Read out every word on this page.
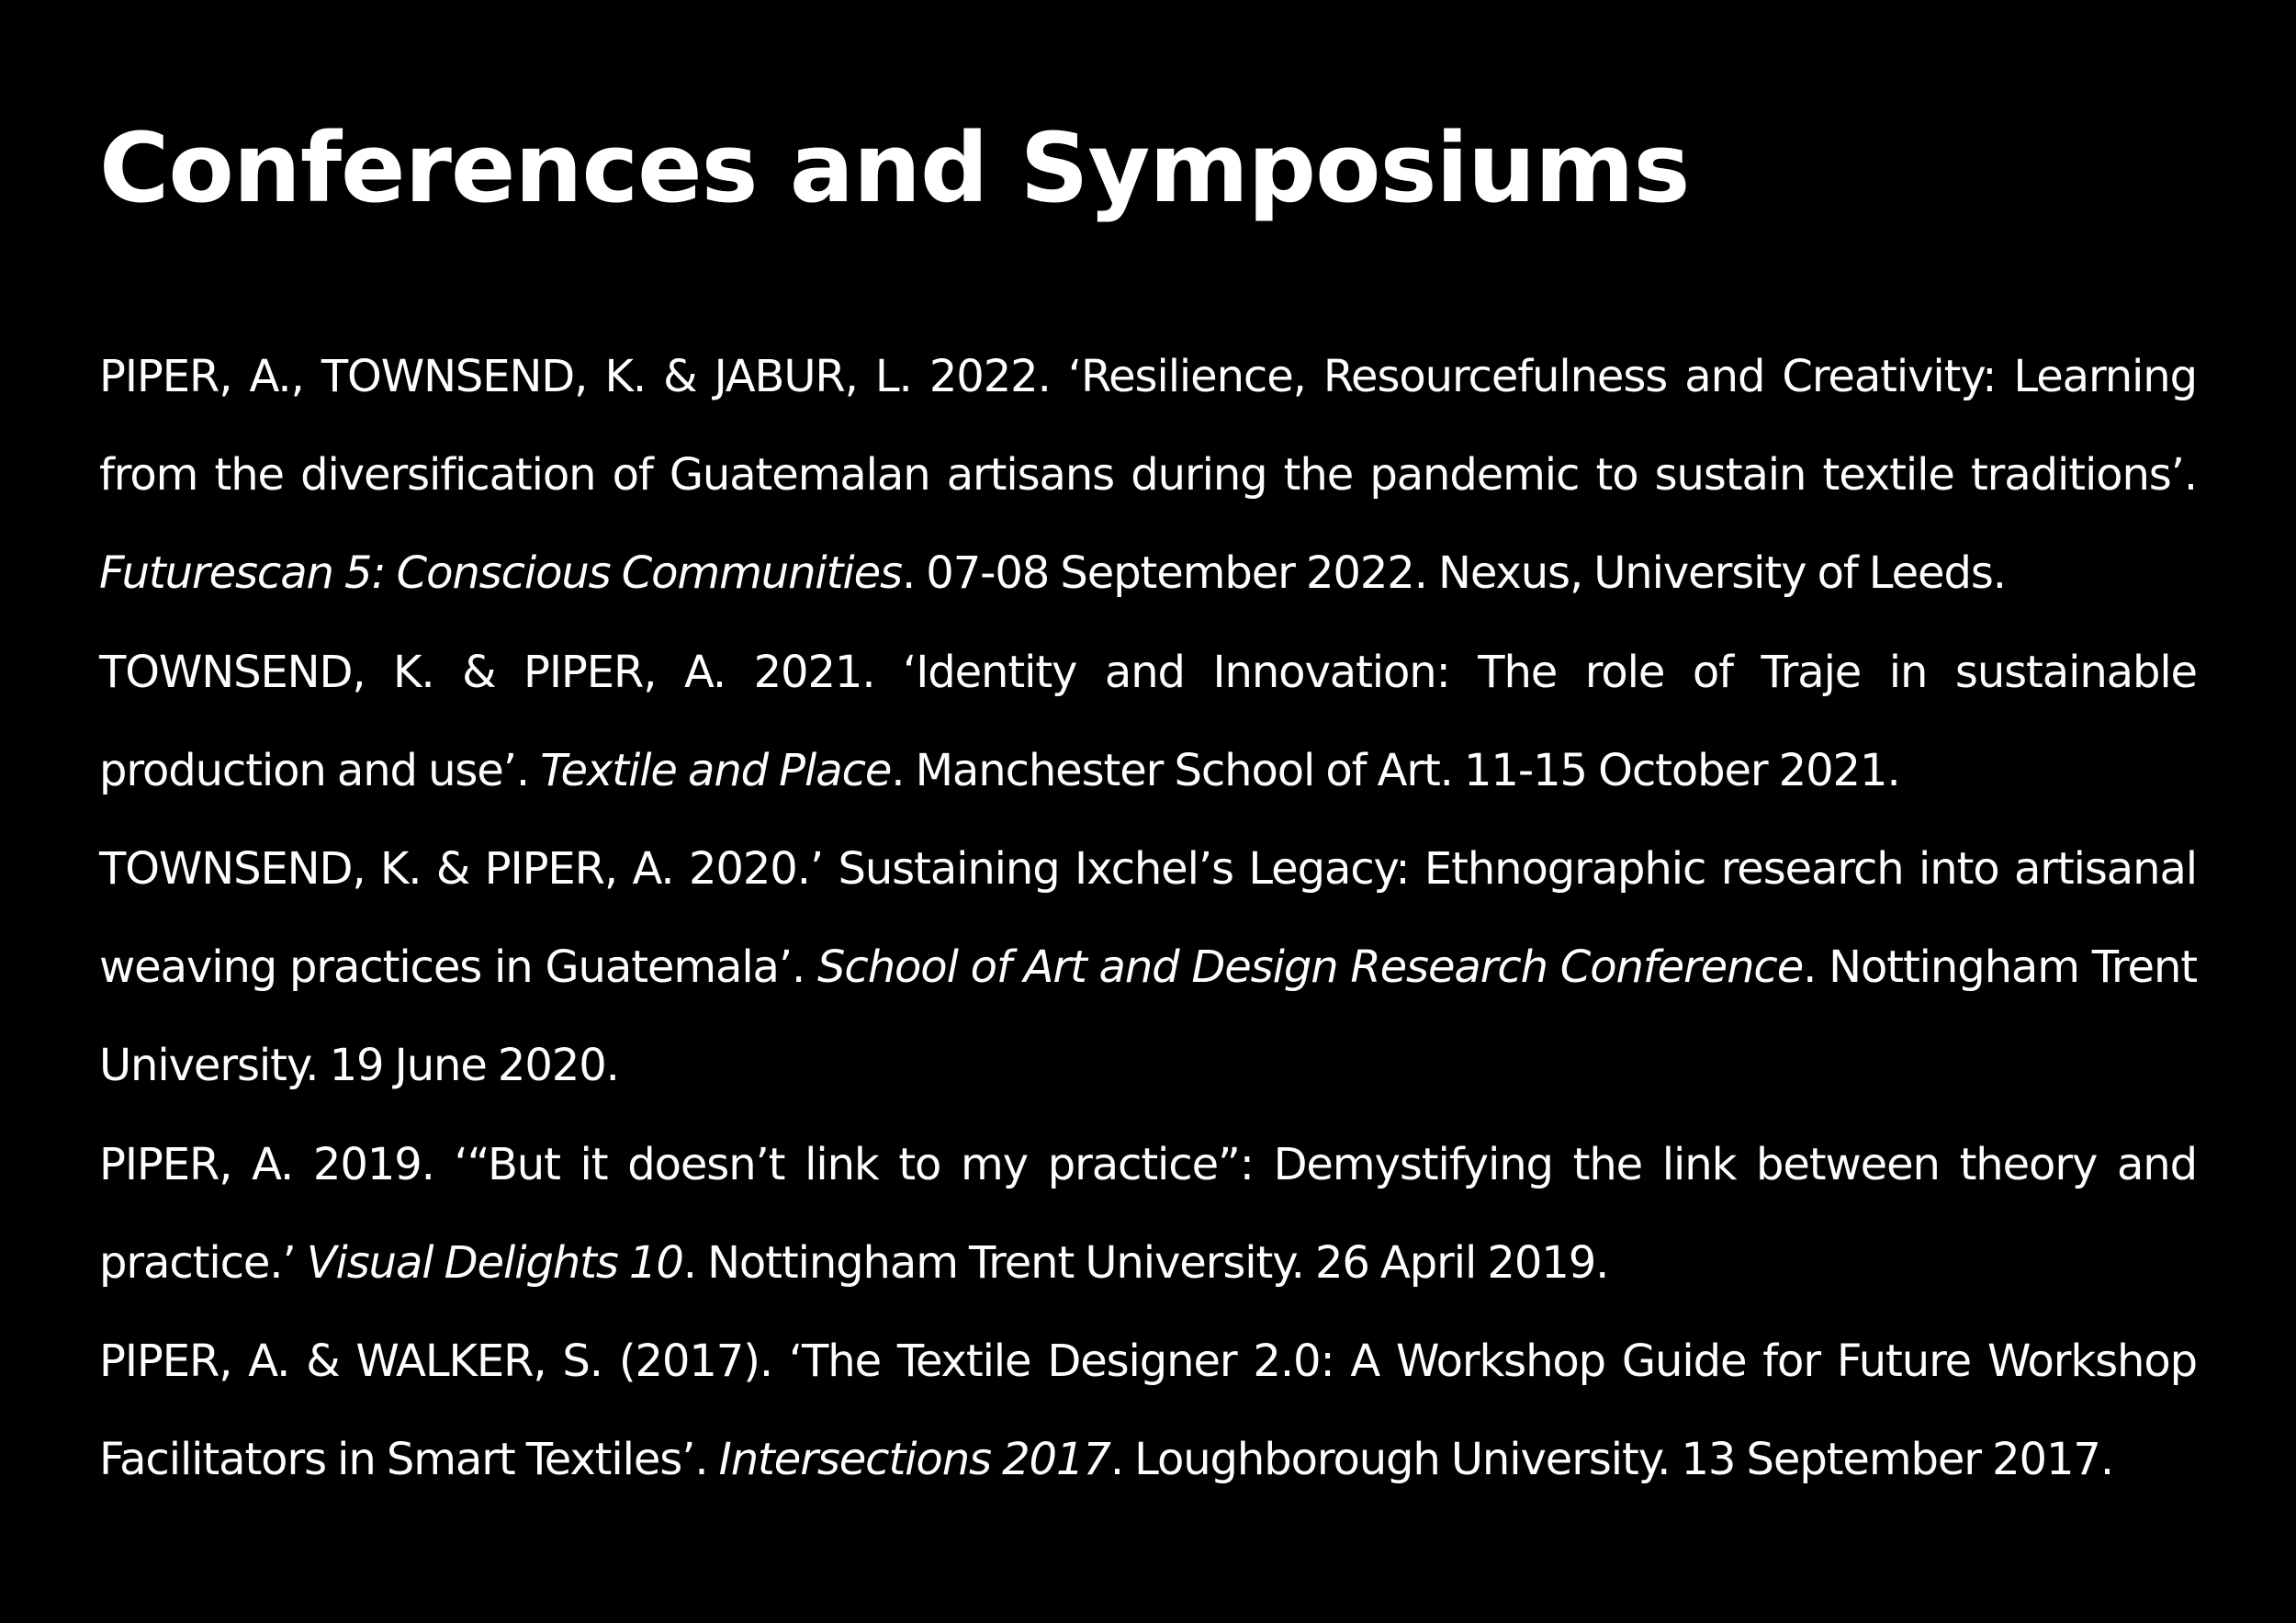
Conferences and Symposiums

PIPER, A., TOWNSEND, K. & JABUR, L. 2022. ‘Resilience, Resourcefulness and Creativity: Learning from the diversification of Guatemalan artisans during the pandemic to sustain textile traditions’. Futurescan 5: Conscious Communities. 07-08 September 2022. Nexus, University of Leeds.

TOWNSEND, K. & PIPER, A. 2021. ‘Identity and Innovation: The role of Traje in sustainable production and use’. Textile and Place. Manchester School of Art. 11-15 October 2021.

TOWNSEND, K. & PIPER, A. 2020.’ Sustaining Ixchel’s Legacy: Ethnographic research into artisanal weaving practices in Guatemala’. School of Art and Design Research Conference. Nottingham Trent University. 19 June 2020.

PIPER, A. 2019. ‘“But it doesn’t link to my practice”: Demystifying the link between theory and practice.’ Visual Delights 10. Nottingham Trent University. 26 April 2019.

PIPER, A. & WALKER, S. (2017). ‘The Textile Designer 2.0: A Workshop Guide for Future Workshop Facilitators in Smart Textiles’. Intersections 2017. Loughborough University. 13 September 2017.
